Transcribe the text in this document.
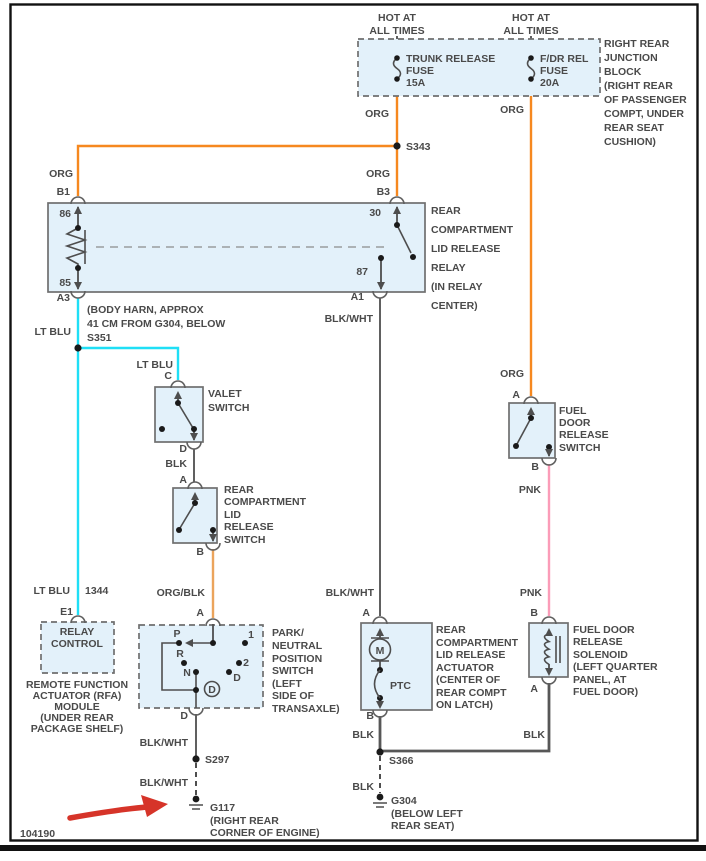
HOT AT
ALL TIMES
HOT AT
ALL TIMES
TRUNK RELEASE
FUSE
15A
F/DR REL
FUSE
20A
RIGHT REAR
JUNCTION
BLOCK
(RIGHT REAR
OF PASSENGER
COMPT, UNDER
REAR SEAT
CUSHION)
ORG	ORG
S343
ORG	ORG
B1	B3
86
85
30
87
A3	A1
REAR
COMPARTMENT
LID RELEASE
RELAY
(IN RELAY
CENTER)
(BODY HARN, APPROX
41 CM FROM G304, BELOW
S351
LT BLU
BLK/WHT
LT BLU
C
VALET
SWITCH
D
BLK
A
REAR
COMPARTMENT
LID
RELEASE
SWITCH
B
ORG/BLK
A
P
R
N
D
D
2
1 PARK/
NEUTRAL
POSITION
SWITCH
(LEFT
SIDE OF
TRANSAXLE)
D
LT BLU 1344
E1
RELAY
CONTROL
REMOTE FUNCTION
ACTUATOR (RFA)
MODULE
(UNDER REAR
PACKAGE SHELF)
BLK/WHT
A
M
PTC
REAR
COMPARTMENT
LID RELEASE
ACTUATOR
(CENTER OF
REAR COMPT
ON LATCH)
B
BLK
S366
BLK
G304
(BELOW LEFT
REAR SEAT)
BLK/WHT
S297
BLK/WHT
G117
(RIGHT REAR
CORNER OF ENGINE)
ORG
A
FUEL
DOOR
RELEASE
SWITCH
B
PNK
PNK
B
FUEL DOOR
RELEASE
SOLENOID
(LEFT QUARTER
PANEL, AT
FUEL DOOR)
A
BLK
104190
